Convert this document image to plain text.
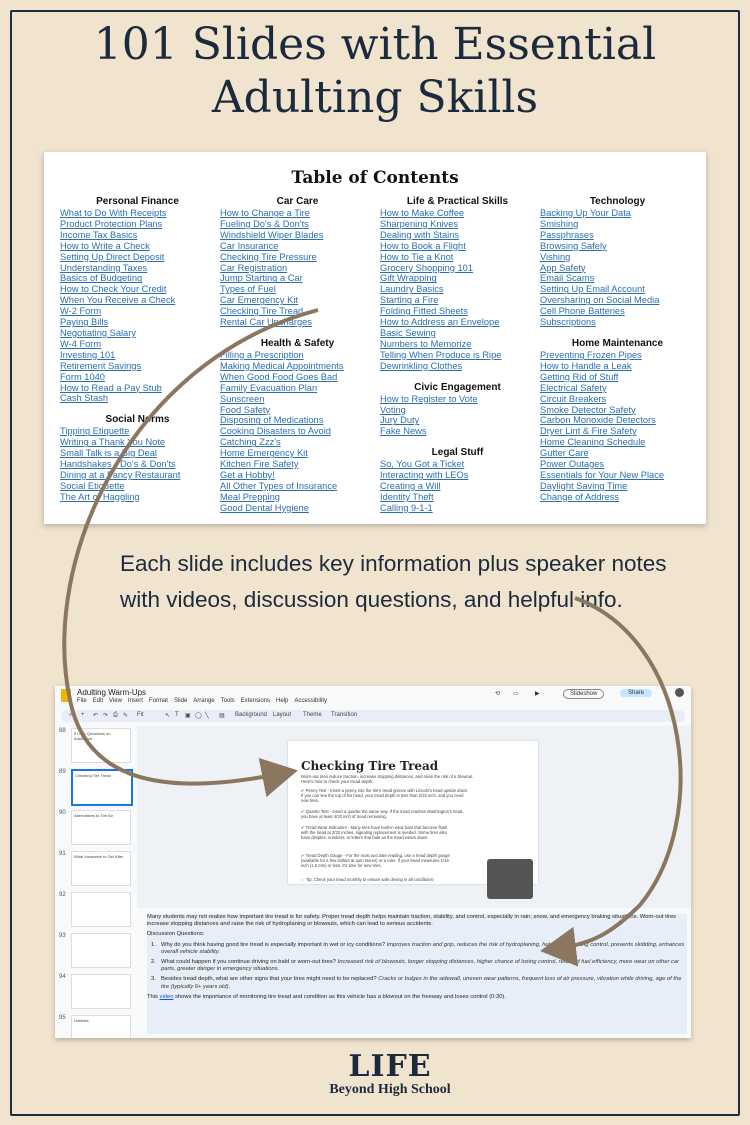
101 Slides with Essential
Adulting Skills
Table of Contents
Personal Finance
What to Do With Receipts
Product Protection Plans
Income Tax Basics
How to Write a Check
Setting Up Direct Deposit
Understanding Taxes
Basics of Budgeting
How to Check Your Credit
When You Receive a Check
W-2 Form
Paying Bills
Negotiating Salary
W-4 Form
Investing 101
Retirement Savings
Form 1040
How to Read a Pay Stub
Cash Stash
Social Norms
Tipping Etiquette
Writing a Thank You Note
Small Talk is a Big Deal
Handshakes - Do's & Don'ts
Dining at a Fancy Restaurant
Social Etiquette
The Art of Haggling
Car Care
How to Change a Tire
Fueling Do's & Don'ts
Windshield Wiper Blades
Car Insurance
Checking Tire Pressure
Car Registration
Jump Starting a Car
Types of Fuel
Car Emergency Kit
Checking Tire Tread
Rental Car Upcharges
Health & Safety
Filling a Prescription
Making Medical Appointments
When Good Food Goes Bad
Family Evacuation Plan
Sunscreen
Food Safety
Disposing of Medications
Cooking Disasters to Avoid
Catching Zzz's
Home Emergency Kit
Kitchen Fire Safety
Get a Hobby!
All Other Types of Insurance
Meal Prepping
Good Dental Hygiene
Life & Practical Skills
How to Make Coffee
Sharpening Knives
Dealing with Stains
How to Book a Flight
How to Tie a Knot
Grocery Shopping 101
Gift Wrapping
Laundry Basics
Starting a Fire
Folding Fitted Sheets
How to Address an Envelope
Basic Sewing
Numbers to Memorize
Telling When Produce is Ripe
Dewrinkling Clothes
Civic Engagement
How to Register to Vote
Voting
Jury Duty
Fake News
Legal Stuff
So, You Got a Ticket
Interacting with LEOs
Creating a Will
Identity Theft
Calling 9-1-1
Technology
Backing Up Your Data
Smishing
Passphrases
Browsing Safely
Vishing
App Safety
Email Scams
Setting Up Email Account
Oversharing on Social Media
Cell Phone Batteries
Subscriptions
Home Maintenance
Preventing Frozen Pipes
How to Handle a Leak
Getting Rid of Stuff
Electrical Safety
Circuit Breakers
Smoke Detector Safety
Carbon Monoxide Detectors
Dryer Lint & Fire Safety
Home Cleaning Schedule
Gutter Care
Power Outages
Essentials for Your New Place
Daylight Saving Time
Change of Address
Each slide includes key information plus speaker notes with videos, discussion questions, and helpful info.
Adulting Warm-Ups
File Edit View Insert Format Slide Arrange Tools Extensions Help Accessibility
⟲ ▭	▶	Slideshow	Share
⌕ + ↶ ↷ ⎙ ✎ Fit	↖ T ▣ ◯ ╲ ▤ Background Layout Theme Transition
88	5 Little Questions on Adulthood
89
Checking Tire Tread
90	Alternatives to Tire Air
91	What Insurance to Get After
92
93
94
95	Hobbies
Checking Tire Tread
Worn-out tires reduce traction, increase stopping distances, and raise the risk of a blowout. Here's how to check your tread depth:
✔ Penny Test - Insert a penny into the tire's tread groove with Lincoln's head upside down. If you can see the top of his head, your tread depth is less than 2/32 inch, and you need new tires.
✔ Quarter Test - Insert a quarter the same way. If the tread reaches Washington's head, you have at least 4/32 inch of tread remaining.
✔ Tread Wear Indicators - Many tires have built-in wear bars that become flush with the tread at 2/32 inches, signaling replacement is needed. Some tires also have dimples, numbers, or letters that fade as the tread wears down.
✔ Tread Depth Gauge - For the most accurate reading, use a tread depth gauge (available for a few dollars at auto stores) or a ruler. If your tread measures 1/16 inch (1.6 mm) or less, it's time for new tires.
☞ Tip: Check your tread monthly to ensure safe driving in all conditions!

Many students may not realize how important tire tread is for safety. Proper tread depth helps maintain traction, stability, and control, especially in rain, snow, and emergency braking situations. Worn-out tires increase stopping distances and raise the risk of hydroplaning or blowouts, which can lead to serious accidents.

Discussion Questions:

1. Why do you think having good tire tread is especially important in wet or icy conditions? Improves traction and grip, reduces the risk of hydroplaning, helps with braking control, prevents skidding, enhances overall vehicle stability.

2. What could happen if you continue driving on bald or worn-out tires? Increased risk of blowouts, longer stopping distances, higher chance of losing control, reduced fuel efficiency, more wear on other car parts, greater danger in emergency situations.

3. Besides tread depth, what are other signs that your tires might need to be replaced? Cracks or bulges in the sidewall, uneven wear patterns, frequent loss of air pressure, vibration while driving, age of the tire (typically 6+ years old).

This video shows the importance of monitoring tire tread and condition as this vehicle has a blowout on the freeway and loses control (0:30).

LIFE
Beyond High School
